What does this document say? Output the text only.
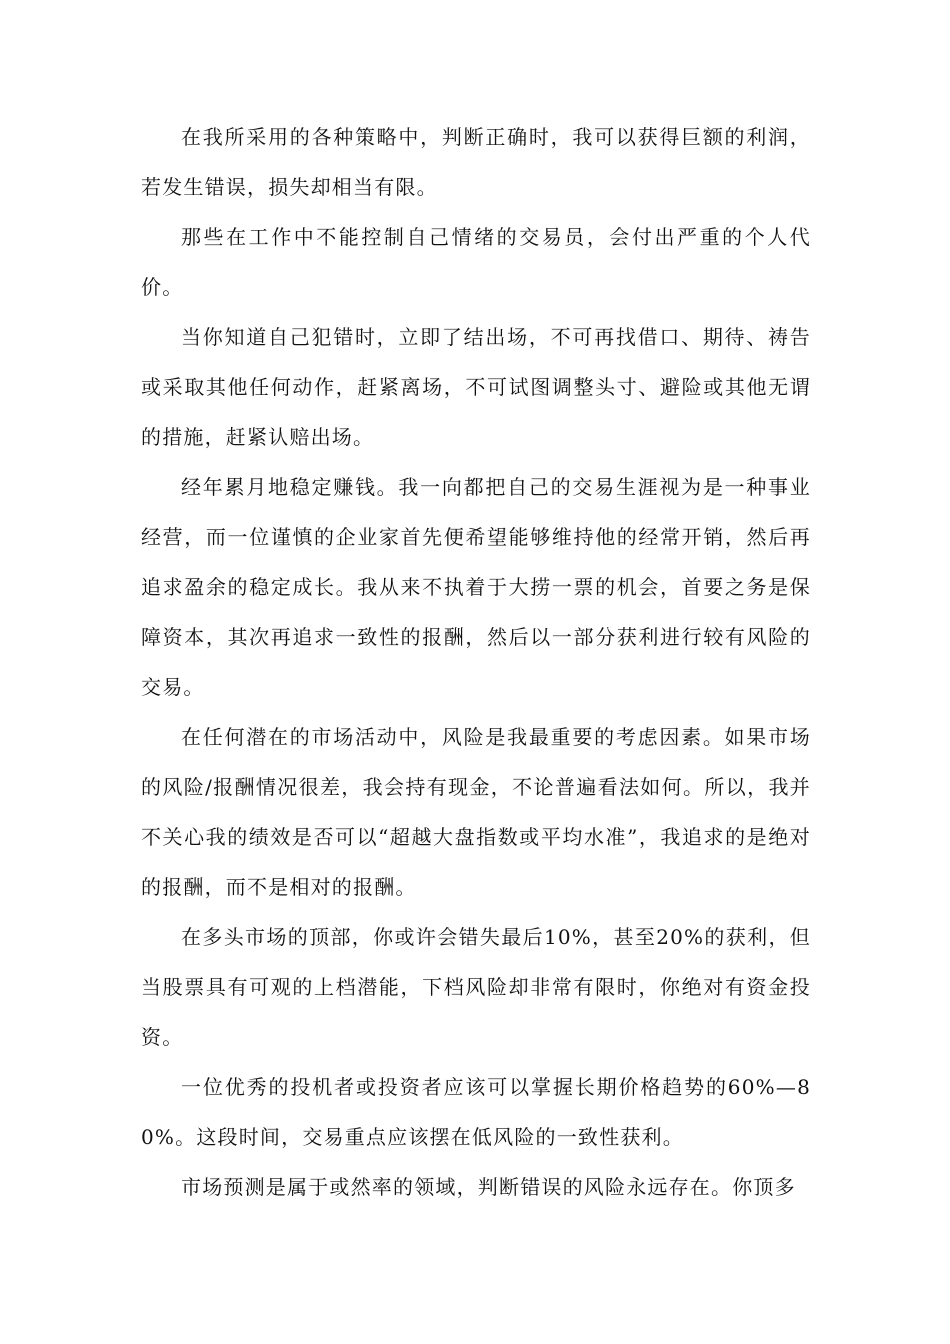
在我所采用的各种策略中，判断正确时，我可以获得巨额的利润，若发生错误，损失却相当有限。

那些在工作中不能控制自己情绪的交易员，会付出严重的个人代价。

当你知道自己犯错时，立即了结出场，不可再找借口、期待、祷告或采取其他任何动作，赶紧离场，不可试图调整头寸、避险或其他无谓的措施，赶紧认赔出场。

经年累月地稳定赚钱。我一向都把自己的交易生涯视为是一种事业经营，而一位谨慎的企业家首先便希望能够维持他的经常开销，然后再追求盈余的稳定成长。我从来不执着于大捞一票的机会，首要之务是保障资本，其次再追求一致性的报酬，然后以一部分获利进行较有风险的交易。

在任何潜在的市场活动中，风险是我最重要的考虑因素。如果市场的风险/报酬情况很差，我会持有现金，不论普遍看法如何。所以，我并不关心我的绩效是否可以“超越大盘指数或平均水准”，我追求的是绝对的报酬，而不是相对的报酬。

在多头市场的顶部，你或许会错失最后10%，甚至20%的获利，但当股票具有可观的上档潜能，下档风险却非常有限时，你绝对有资金投资。

一位优秀的投机者或投资者应该可以掌握长期价格趋势的60%—80%。这段时间，交易重点应该摆在低风险的一致性获利。

市场预测是属于或然率的领域，判断错误的风险永远存在。你顶多
